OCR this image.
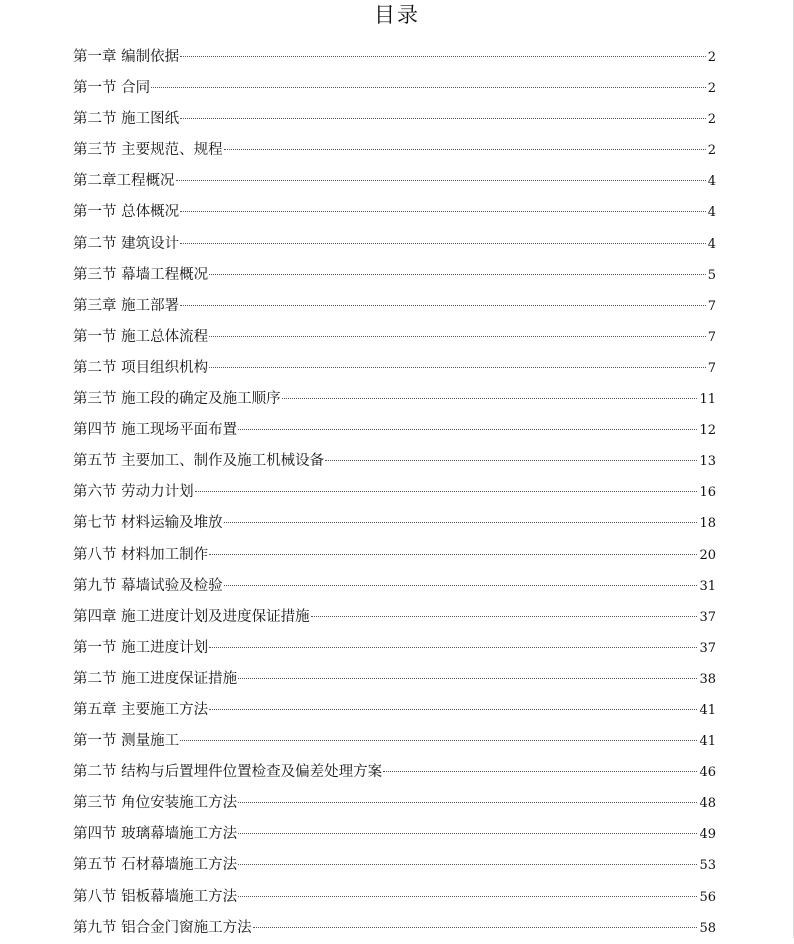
目录
第一章 编制依据	2
第一节 合同	2
第二节 施工图纸	2
第三节 主要规范、规程	2
第二章工程概况	4
第一节 总体概况	4
第二节 建筑设计	4
第三节 幕墙工程概况	5
第三章 施工部署	7
第一节 施工总体流程	7
第二节 项目组织机构	7
第三节 施工段的确定及施工顺序	11
第四节 施工现场平面布置	12
第五节 主要加工、制作及施工机械设备	13
第六节 劳动力计划	16
第七节 材料运输及堆放	18
第八节 材料加工制作	20
第九节 幕墙试验及检验	31
第四章 施工进度计划及进度保证措施	37
第一节 施工进度计划	37
第二节 施工进度保证措施	38
第五章 主要施工方法	41
第一节 测量施工	41
第二节 结构与后置埋件位置检查及偏差处理方案	46
第三节 角位安装施工方法	48
第四节 玻璃幕墙施工方法	49
第五节 石材幕墙施工方法	53
第八节 铝板幕墙施工方法	56
第九节 铝合金门窗施工方法	58
